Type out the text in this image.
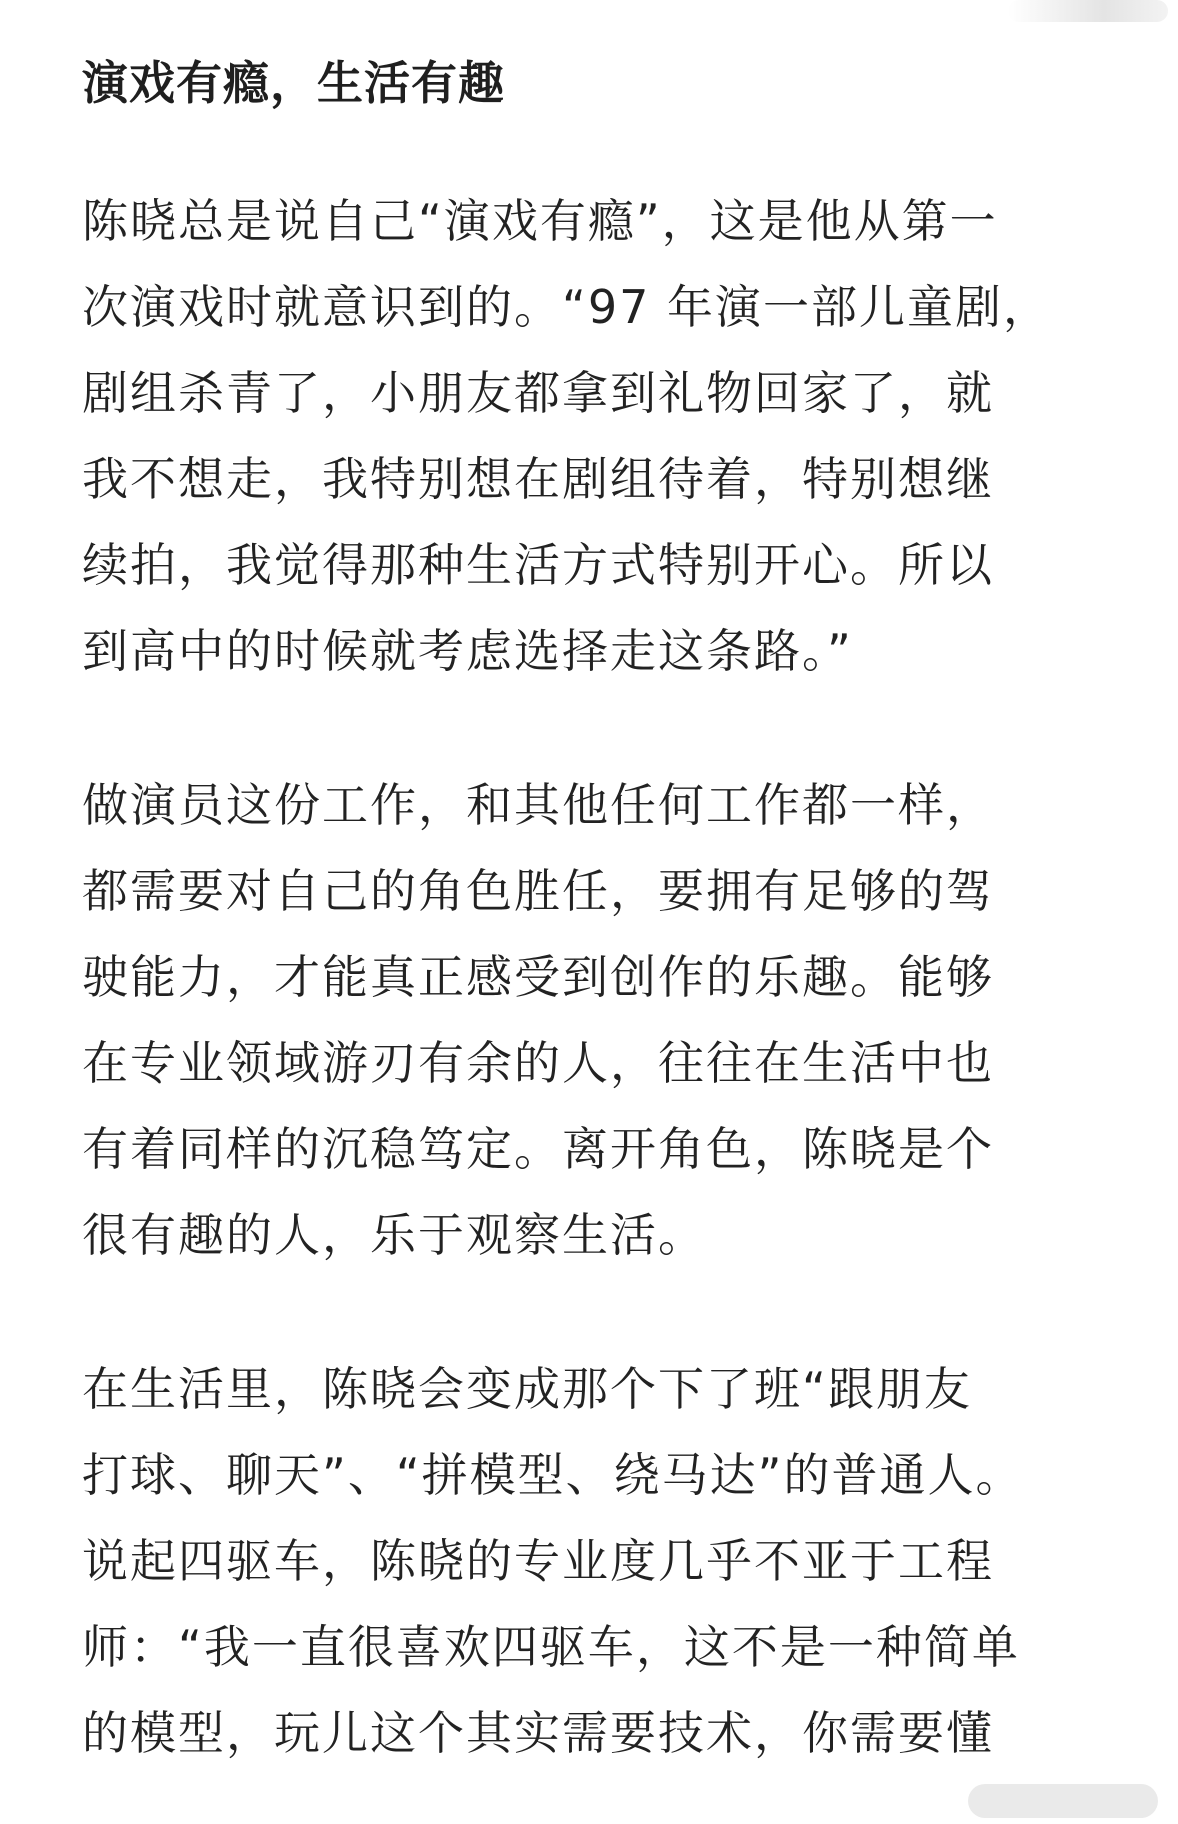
演戏有瘾，生活有趣

陈晓总是说自己“演戏有瘾”，这是他从第一
次演戏时就意识到的。“97 年演一部儿童剧，
剧组杀青了，小朋友都拿到礼物回家了，就
我不想走，我特别想在剧组待着，特别想继
续拍，我觉得那种生活方式特别开心。所以
到高中的时候就考虑选择走这条路。”

做演员这份工作，和其他任何工作都一样，
都需要对自己的角色胜任，要拥有足够的驾
驶能力，才能真正感受到创作的乐趣。能够
在专业领域游刃有余的人，往往在生活中也
有着同样的沉稳笃定。离开角色，陈晓是个
很有趣的人，乐于观察生活。

在生活里，陈晓会变成那个下了班“跟朋友
打球、聊天”、“拼模型、绕马达”的普通人。
说起四驱车，陈晓的专业度几乎不亚于工程
师：“我一直很喜欢四驱车，这不是一种简单
的模型，玩儿这个其实需要技术，你需要懂
